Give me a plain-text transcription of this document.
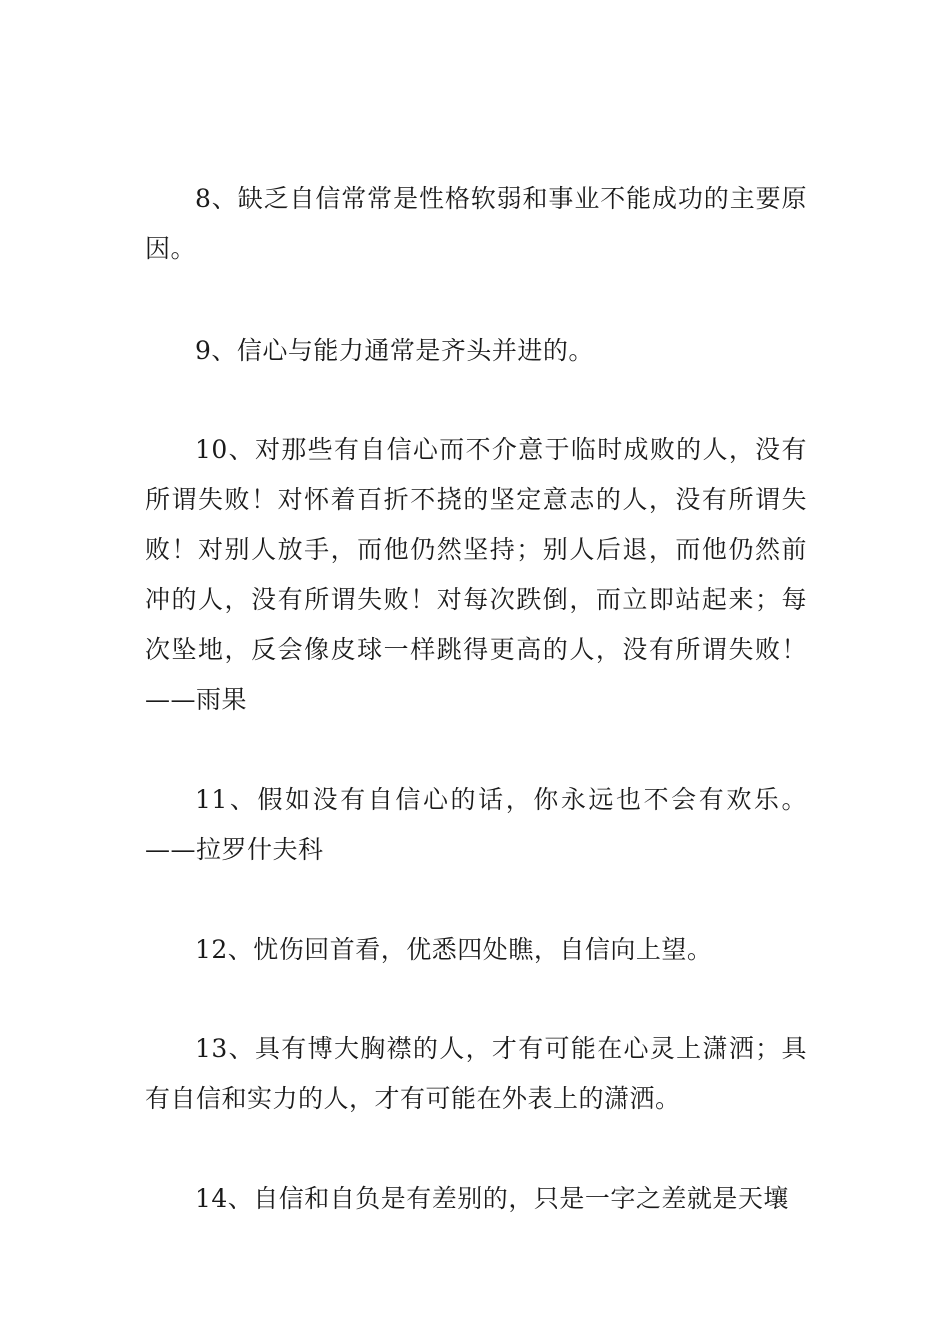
8、缺乏自信常常是性格软弱和事业不能成功的主要原因。

9、信心与能力通常是齐头并进的。

10、对那些有自信心而不介意于临时成败的人，没有所谓失败！对怀着百折不挠的坚定意志的人，没有所谓失败！对别人放手，而他仍然坚持；别人后退，而他仍然前冲的人，没有所谓失败！对每次跌倒，而立即站起来；每次坠地，反会像皮球一样跳得更高的人，没有所谓失败！——雨果

11、假如没有自信心的话，你永远也不会有欢乐。——拉罗什夫科

12、忧伤回首看，优悉四处瞧，自信向上望。

13、具有博大胸襟的人，才有可能在心灵上潇洒；具有自信和实力的人，才有可能在外表上的潇洒。

14、自信和自负是有差别的，只是一字之差就是天壤
